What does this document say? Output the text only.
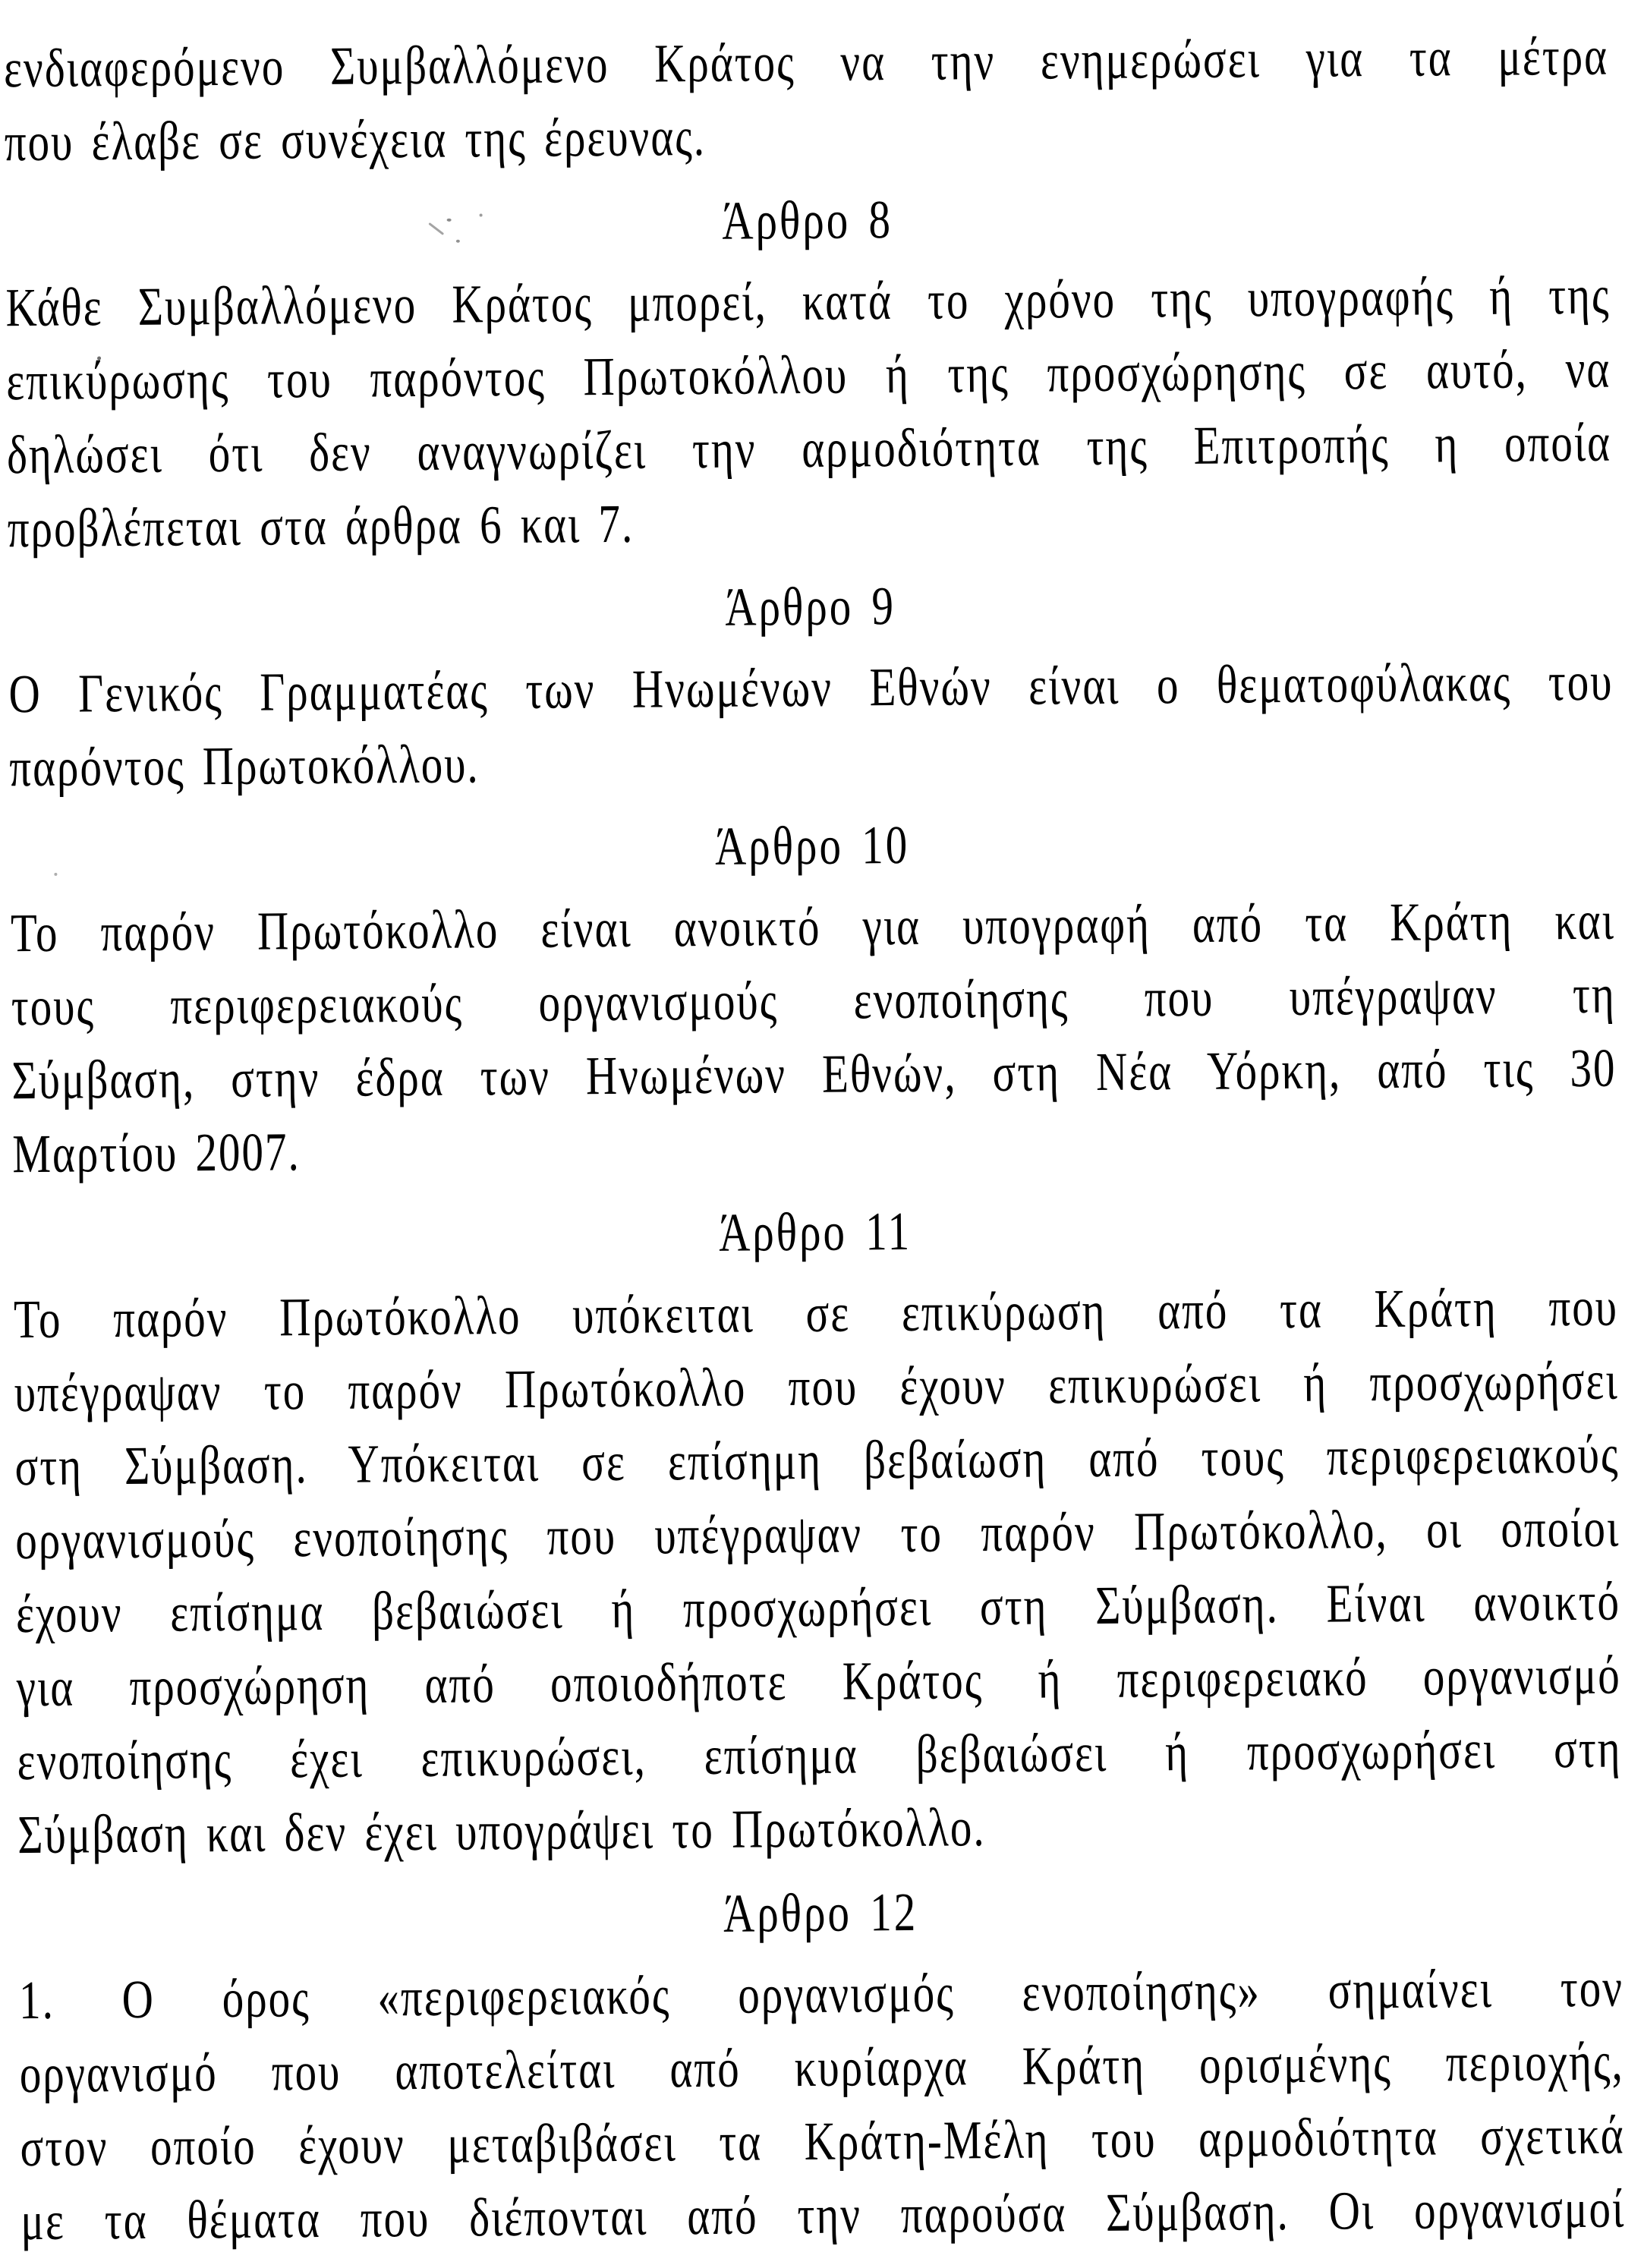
ενδιαφερόμενο Συμβαλλόμενο Κράτος να την ενημερώσει για τα μέτρα
που έλαβε σε συνέχεια της έρευνας.
Άρθρο 8
Κάθε Συμβαλλόμενο Κράτος μπορεί, κατά το χρόνο της υπογραφής ή της
επικύρωσης του παρόντος Πρωτοκόλλου ή της προσχώρησης σε αυτό, να
δηλώσει ότι δεν αναγνωρίζει την αρμοδιότητα της Επιτροπής η οποία
προβλέπεται στα άρθρα 6 και 7.
Άρθρο 9
Ο Γενικός Γραμματέας των Ηνωμένων Εθνών είναι ο θεματοφύλακας του
παρόντος Πρωτοκόλλου.
Άρθρο 10
Το παρόν Πρωτόκολλο είναι ανοικτό για υπογραφή από τα Κράτη και
τους περιφερειακούς οργανισμούς ενοποίησης που υπέγραψαν τη
Σύμβαση, στην έδρα των Ηνωμένων Εθνών, στη Νέα Υόρκη, από τις 30
Μαρτίου 2007.
Άρθρο 11
Το παρόν Πρωτόκολλο υπόκειται σε επικύρωση από τα Κράτη που
υπέγραψαν το παρόν Πρωτόκολλο που έχουν επικυρώσει ή προσχωρήσει
στη Σύμβαση. Υπόκειται σε επίσημη βεβαίωση από τους περιφερειακούς
οργανισμούς ενοποίησης που υπέγραψαν το παρόν Πρωτόκολλο, οι οποίοι
έχουν επίσημα βεβαιώσει ή προσχωρήσει στη Σύμβαση. Είναι ανοικτό
για προσχώρηση από οποιοδήποτε Κράτος ή περιφερειακό οργανισμό
ενοποίησης έχει επικυρώσει, επίσημα βεβαιώσει ή προσχωρήσει στη
Σύμβαση και δεν έχει υπογράψει το Πρωτόκολλο.
Άρθρο 12
1. Ο όρος «περιφερειακός οργανισμός ενοποίησης» σημαίνει τον
οργανισμό που αποτελείται από κυρίαρχα Κράτη ορισμένης περιοχής,
στον οποίο έχουν μεταβιβάσει τα Κράτη-Μέλη του αρμοδιότητα σχετικά
με τα θέματα που διέπονται από την παρούσα Σύμβαση. Οι οργανισμοί
